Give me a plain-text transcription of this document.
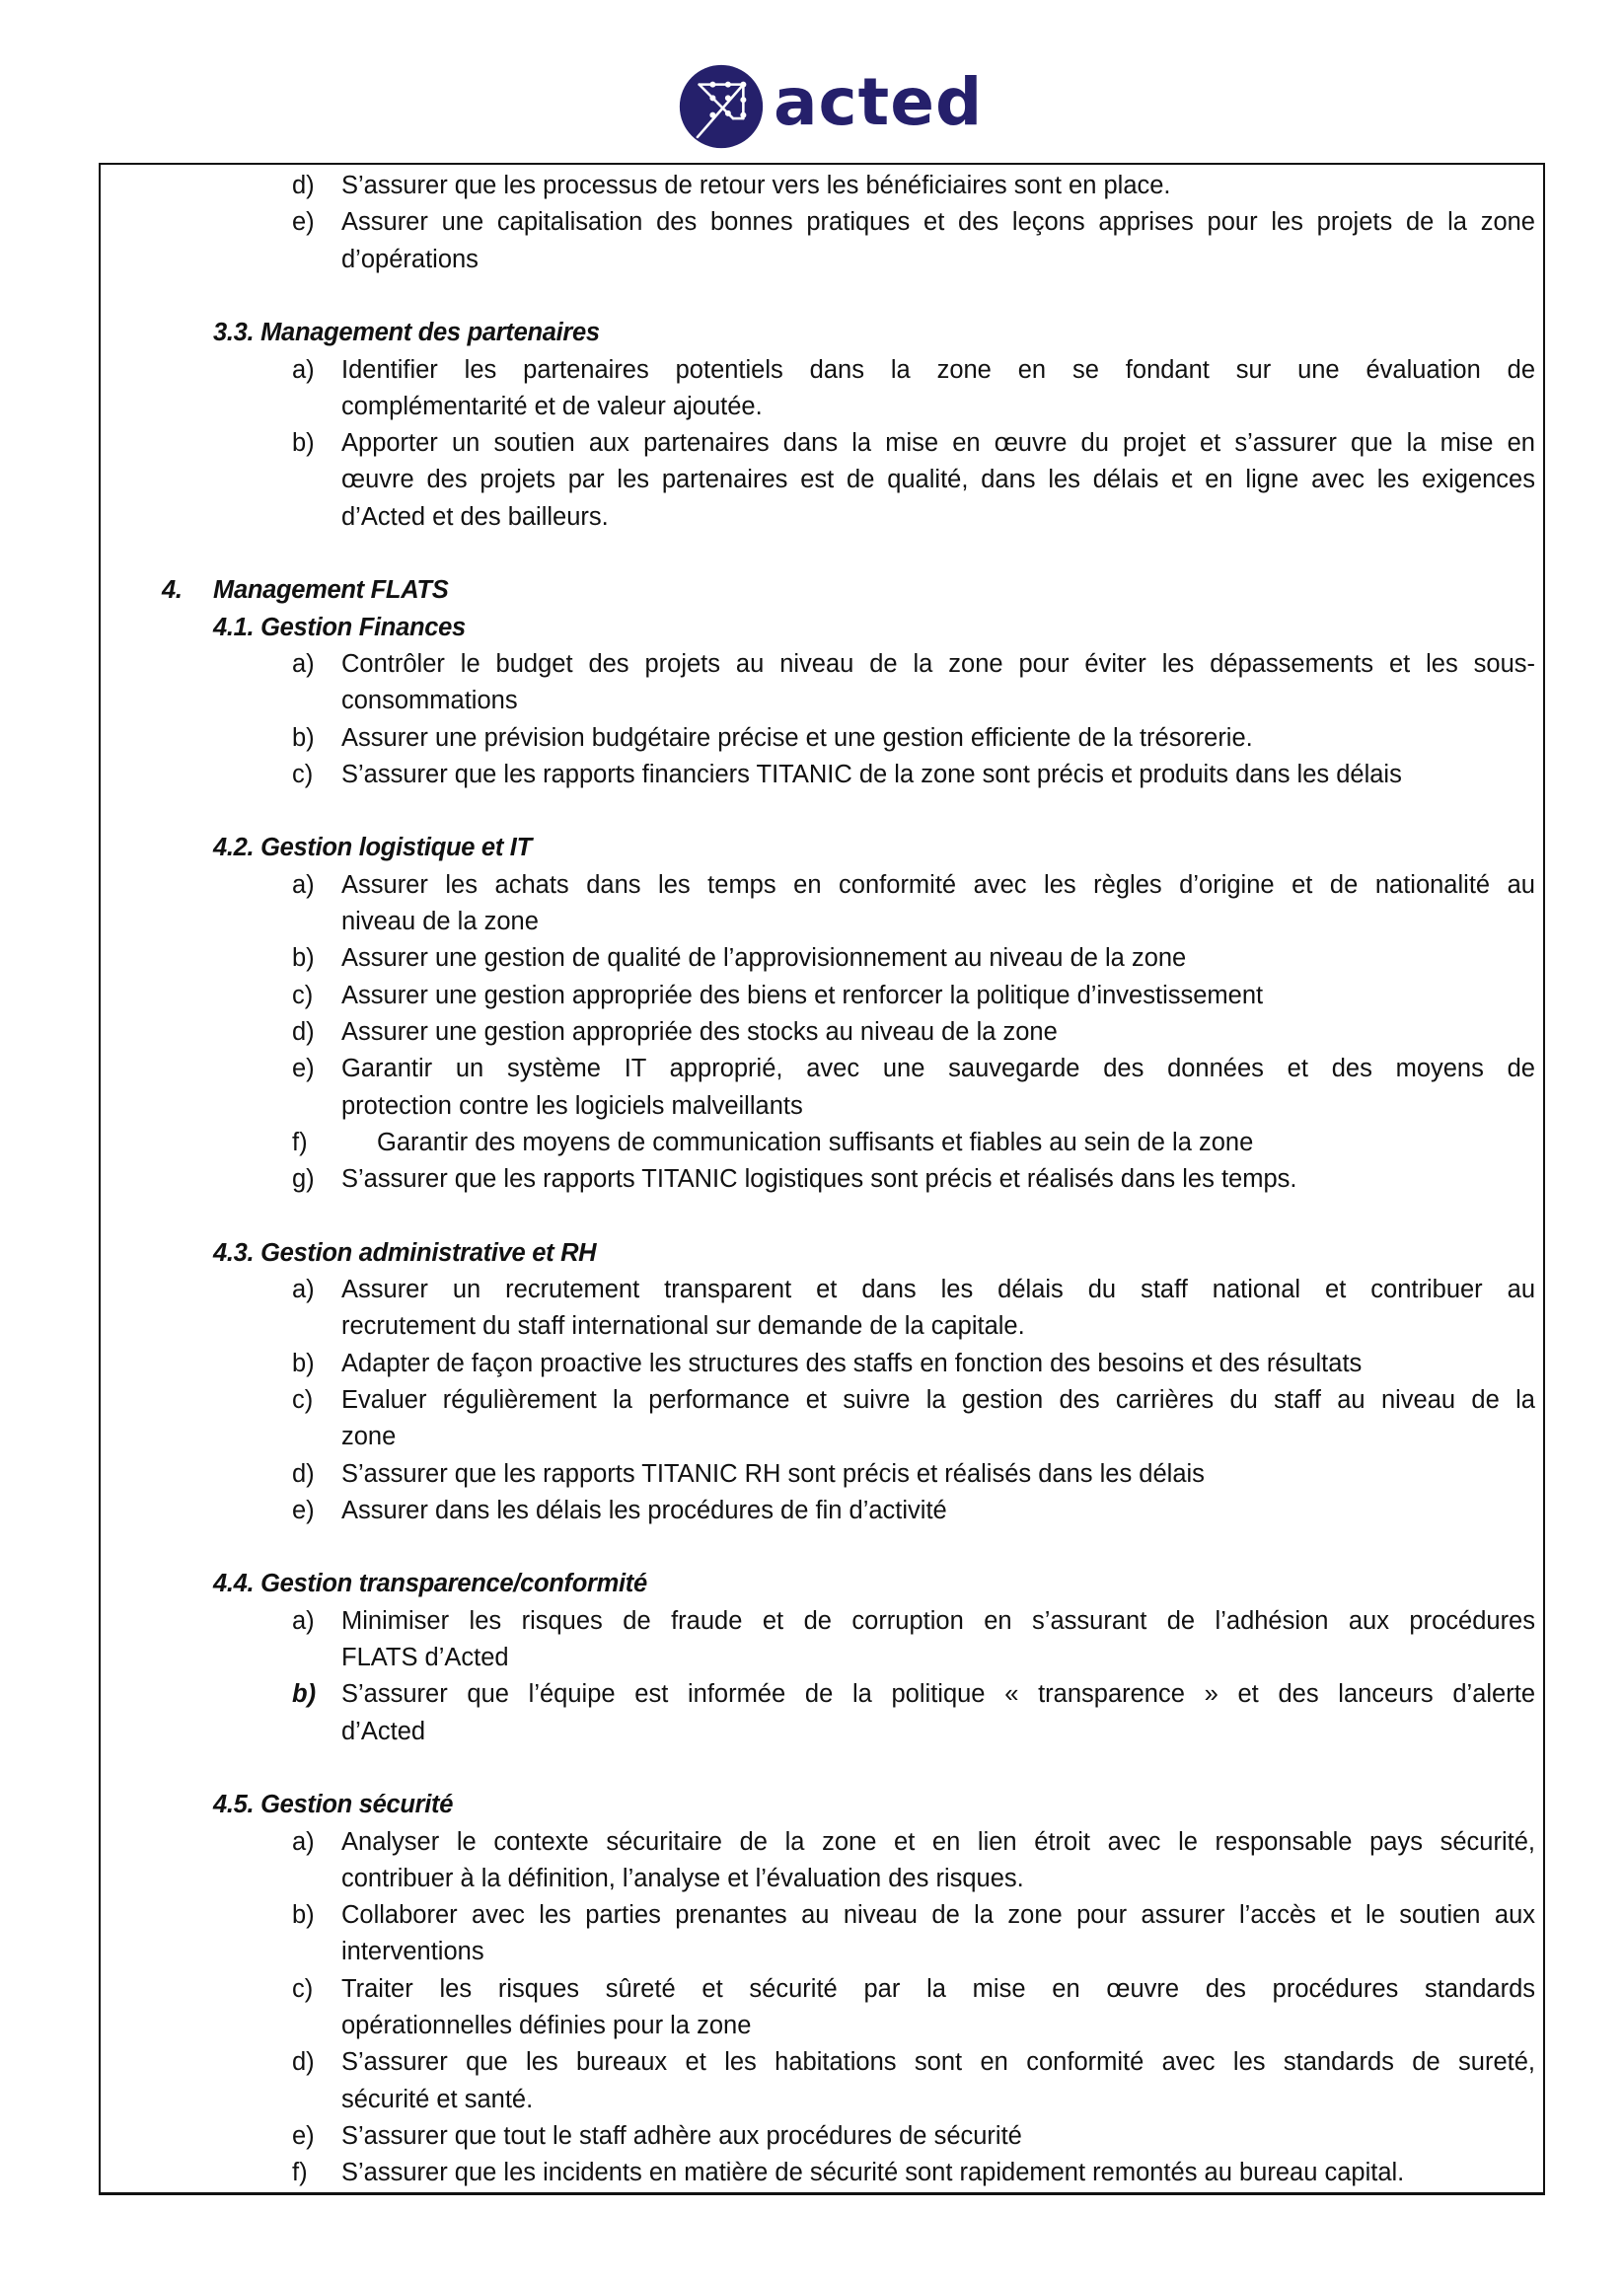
acted
d) S’assurer que les processus de retour vers les bénéficiaires sont en place.
e) Assurer une capitalisation des bonnes pratiques et des leçons apprises pour les projets de la zone
d’opérations
3.3. Management des partenaires
a) Identifier les partenaires potentiels dans la zone en se fondant sur une évaluation de
complémentarité et de valeur ajoutée.
b) Apporter un soutien aux partenaires dans la mise en œuvre du projet et s’assurer que la mise en
œuvre des projets par les partenaires est de qualité, dans les délais et en ligne avec les exigences
d’Acted et des bailleurs.
4. Management FLATS
4.1. Gestion Finances
a) Contrôler le budget des projets au niveau de la zone pour éviter les dépassements et les sous-
consommations
b) Assurer une prévision budgétaire précise et une gestion efficiente de la trésorerie.
c) S’assurer que les rapports financiers TITANIC de la zone sont précis et produits dans les délais
4.2. Gestion logistique et IT
a) Assurer les achats dans les temps en conformité avec les règles d’origine et de nationalité au
niveau de la zone
b) Assurer une gestion de qualité de l’approvisionnement au niveau de la zone
c) Assurer une gestion appropriée des biens et renforcer la politique d’investissement
d) Assurer une gestion appropriée des stocks au niveau de la zone
e) Garantir un système IT approprié, avec une sauvegarde des données et des moyens de
protection contre les logiciels malveillants
f)	Garantir des moyens de communication suffisants et fiables au sein de la zone
g) S’assurer que les rapports TITANIC logistiques sont précis et réalisés dans les temps.
4.3. Gestion administrative et RH
a) Assurer un recrutement transparent et dans les délais du staff national et contribuer au
recrutement du staff international sur demande de la capitale.
b) Adapter de façon proactive les structures des staffs en fonction des besoins et des résultats
c) Evaluer régulièrement la performance et suivre la gestion des carrières du staff au niveau de la
zone
d) S’assurer que les rapports TITANIC RH sont précis et réalisés dans les délais
e) Assurer dans les délais les procédures de fin d’activité
4.4. Gestion transparence/conformité
a) Minimiser les risques de fraude et de corruption en s’assurant de l’adhésion aux procédures
FLATS d’Acted
b) S’assurer que l’équipe est informée de la politique « transparence » et des lanceurs d’alerte
d’Acted
4.5. Gestion sécurité
a) Analyser le contexte sécuritaire de la zone et en lien étroit avec le responsable pays sécurité,
contribuer à la définition, l’analyse et l’évaluation des risques.
b) Collaborer avec les parties prenantes au niveau de la zone pour assurer l’accès et le soutien aux
interventions
c) Traiter les risques sûreté et sécurité par la mise en œuvre des procédures standards
opérationnelles définies pour la zone
d) S’assurer que les bureaux et les habitations sont en conformité avec les standards de sureté,
sécurité et santé.
e) S’assurer que tout le staff adhère aux procédures de sécurité
f) S’assurer que les incidents en matière de sécurité sont rapidement remontés au bureau capital.
